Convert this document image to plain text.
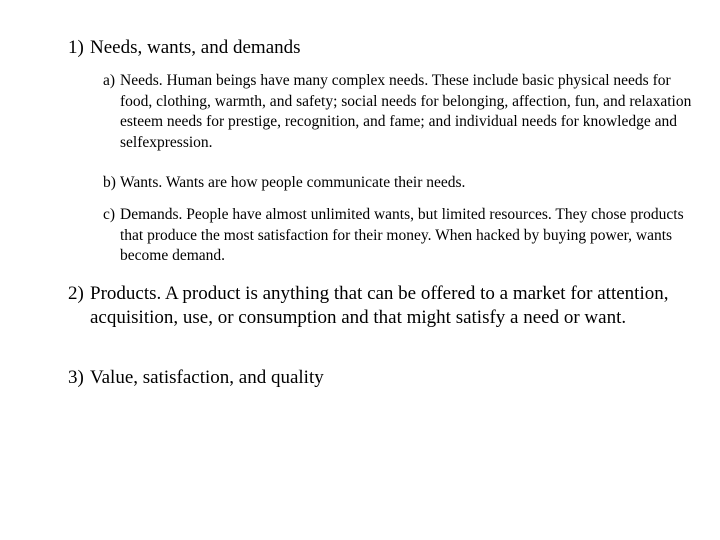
1) Needs, wants, and demands
a) Needs. Human beings have many complex needs. These include basic physical needs for food, clothing, warmth, and safety; social needs for belonging, affection, fun, and relaxation esteem needs for prestige, recognition, and fame; and individual needs for knowledge and selfexpression.
b) Wants. Wants are how people communicate their needs.
c) Demands. People have almost unlimited wants, but limited resources. They chose products that produce the most satisfaction for their money. When hacked by buying power, wants become demand.
2) Products. A product is anything that can be offered to a market for attention, acquisition, use, or consumption and that might satisfy a need or want.
3) Value, satisfaction, and quality
